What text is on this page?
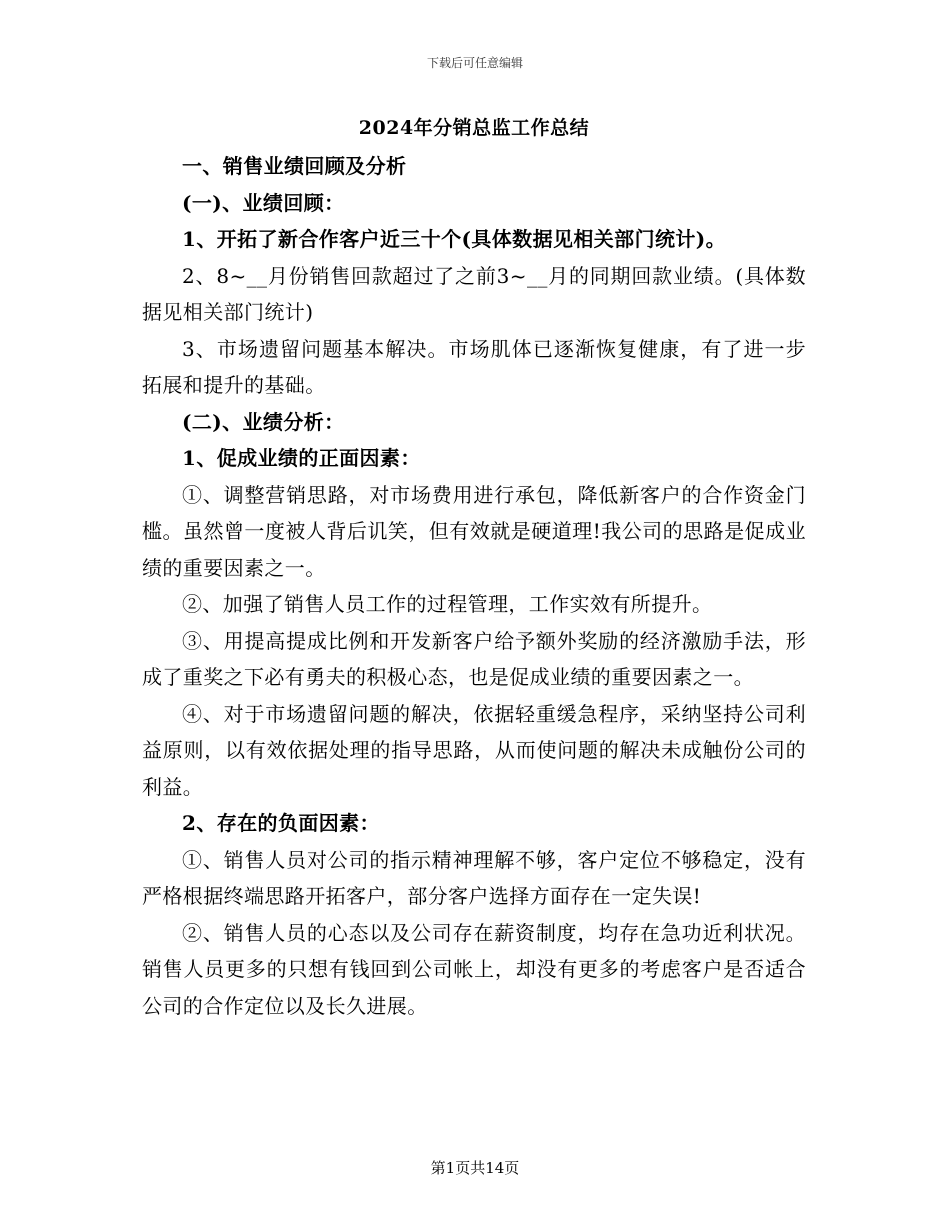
下载后可任意编辑
2024年分销总监工作总结

一、销售业绩回顾及分析

(一)、业绩回顾：

1、开拓了新合作客户近三十个(具体数据见相关部门统计)。

2、8~__月份销售回款超过了之前3~__月的同期回款业绩。(具体数据见相关部门统计)

3、市场遗留问题基本解决。市场肌体已逐渐恢复健康，有了进一步拓展和提升的基础。

(二)、业绩分析：

1、促成业绩的正面因素：

①、调整营销思路，对市场费用进行承包，降低新客户的合作资金门槛。虽然曾一度被人背后讥笑，但有效就是硬道理!我公司的思路是促成业绩的重要因素之一。

②、加强了销售人员工作的过程管理，工作实效有所提升。

③、用提高提成比例和开发新客户给予额外奖励的经济激励手法，形成了重奖之下必有勇夫的积极心态，也是促成业绩的重要因素之一。

④、对于市场遗留问题的解决，依据轻重缓急程序，采纳坚持公司利益原则，以有效依据处理的指导思路，从而使问题的解决未成触份公司的利益。

2、存在的负面因素：

①、销售人员对公司的指示精神理解不够，客户定位不够稳定，没有严格根据终端思路开拓客户，部分客户选择方面存在一定失误!

②、销售人员的心态以及公司存在薪资制度，均存在急功近利状况。销售人员更多的只想有钱回到公司帐上，却没有更多的考虑客户是否适合公司的合作定位以及长久进展。

第1页共14页
